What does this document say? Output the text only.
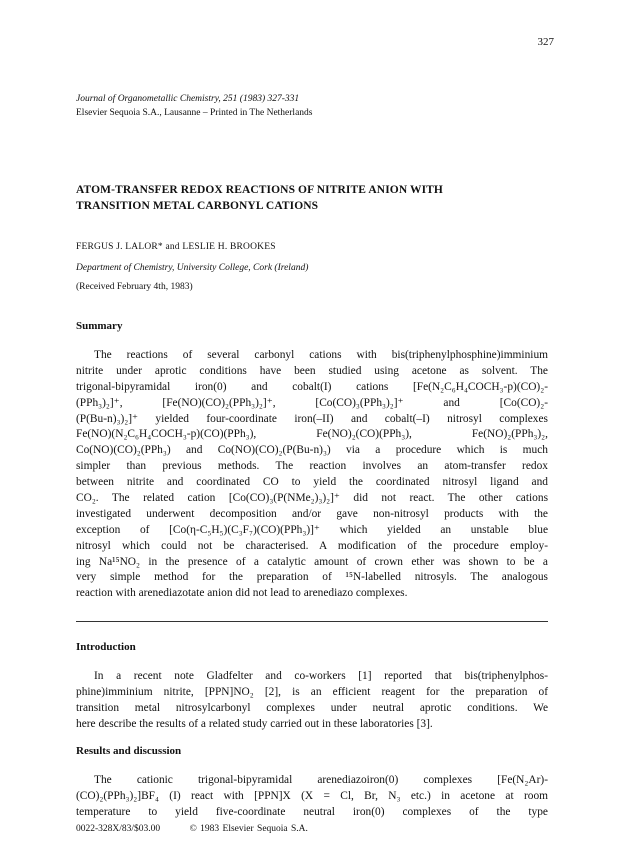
327
Journal of Organometallic Chemistry, 251 (1983) 327-331
Elsevier Sequoia S.A., Lausanne – Printed in The Netherlands
ATOM-TRANSFER REDOX REACTIONS OF NITRITE ANION WITH
TRANSITION METAL CARBONYL CATIONS
FERGUS J. LALOR* and LESLIE H. BROOKES
Department of Chemistry, University College, Cork (Ireland)
(Received February 4th, 1983)
Summary
The reactions of several carbonyl cations with bis(triphenylphosphine)imminium
nitrite under aprotic conditions have been studied using acetone as solvent. The
trigonal-bipyramidal iron(0) and cobalt(I) cations [Fe(N₂C₆H₄COCH₃-p)(CO)₂-
(PPh₃)₂]⁺, [Fe(NO)(CO)₂(PPh₃)₂]⁺, [Co(CO)₃(PPh₃)₂]⁺ and [Co(CO)₂-
(P(Bu-n)₃)₂]⁺ yielded four-coordinate iron(–II) and cobalt(–I) nitrosyl complexes
Fe(NO)(N₂C₆H₄COCH₃-p)(CO)(PPh₃), Fe(NO)₂(CO)(PPh₃), Fe(NO)₂(PPh₃)₂,
Co(NO)(CO)₂(PPh₃) and Co(NO)(CO)₂(P(Bu-n)₃) via a procedure which is much
simpler than previous methods. The reaction involves an atom-transfer redox
between nitrite and coordinated CO to yield the coordinated nitrosyl ligand and
CO₂. The related cation [Co(CO)₃(P(NMe₂)₃)₂]⁺ did not react. The other cations
investigated underwent decomposition and/or gave non-nitrosyl products with the
exception of [Co(η-C₅H₅)(C₃F₇)(CO)(PPh₃)]⁺ which yielded an unstable blue
nitrosyl which could not be characterised. A modification of the procedure employ-
ing Na¹⁵NO₂ in the presence of a catalytic amount of crown ether was shown to be a
very simple method for the preparation of ¹⁵N-labelled nitrosyls. The analogous
reaction with arenediazotate anion did not lead to arenediazo complexes.
Introduction
In a recent note Gladfelter and co-workers [1] reported that bis(triphenylphos-
phine)imminium nitrite, [PPN]NO₂ [2], is an efficient reagent for the preparation of
transition metal nitrosylcarbonyl complexes under neutral aprotic conditions. We
here describe the results of a related study carried out in these laboratories [3].
Results and discussion
The cationic trigonal-bipyramidal arenediazoiron(0) complexes [Fe(N₂Ar)-
(CO)₂(PPh₃)₂]BF₄ (I) react with [PPN]X (X = Cl, Br, N₃ etc.) in acetone at room
temperature to yield five-coordinate neutral iron(0) complexes of the type
0022-328X/83/$03.00	© 1983 Elsevier Sequoia S.A.
